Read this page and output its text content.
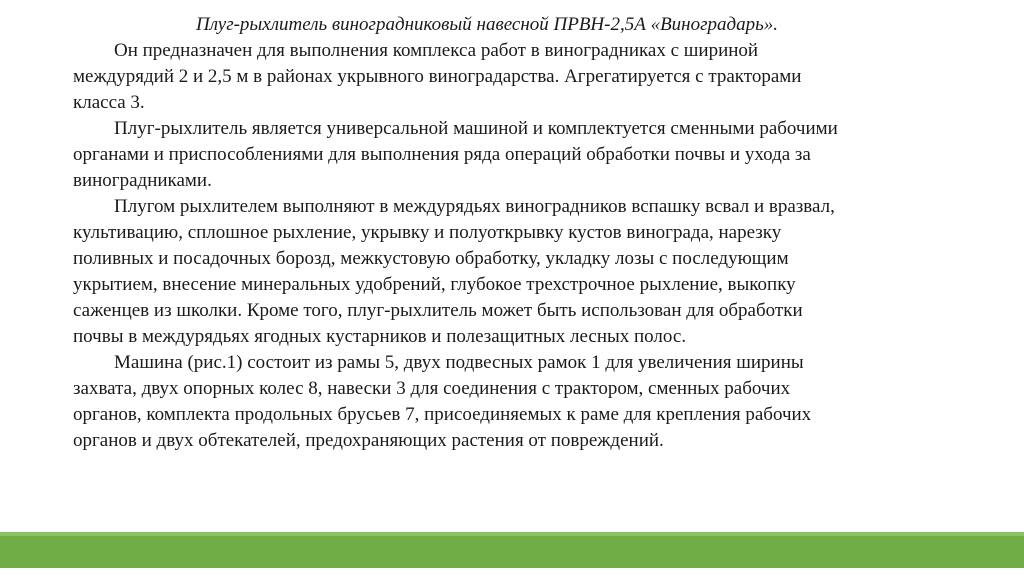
Плуг-рыхлитель виноградниковый навесной ПРВН-2,5А «Виноградарь».

Он предназначен для выполнения комплекса работ в виноградниках с шириной
междурядий 2 и 2,5 м в районах укрывного виноградарства. Агрегатируется с тракторами
класса 3.

Плуг-рыхлитель является универсальной машиной и комплектуется сменными рабочими
органами и приспособлениями для выполнения ряда операций обработки почвы и ухода за
виноградниками.

Плугом рыхлителем выполняют в междурядьях виноградников вспашку всвал и вразвал,
культивацию, сплошное рыхление, укрывку и полуоткрывку кустов винограда, нарезку
поливных и посадочных борозд, межкустовую обработку, укладку лозы с последующим
укрытием, внесение минеральных удобрений, глубокое трехстрочное рыхление, выкопку
саженцев из школки. Кроме того, плуг-рыхлитель может быть использован для обработки
почвы в междурядьях ягодных кустарников и полезащитных лесных полос.

Машина (рис.1) состоит из рамы 5, двух подвесных рамок 1 для увеличения ширины
захвата, двух опорных колес 8, навески 3 для соединения с трактором, сменных рабочих
органов, комплекта продольных брусьев 7, присоединяемых к раме для крепления рабочих
органов и двух обтекателей, предохраняющих растения от повреждений.
